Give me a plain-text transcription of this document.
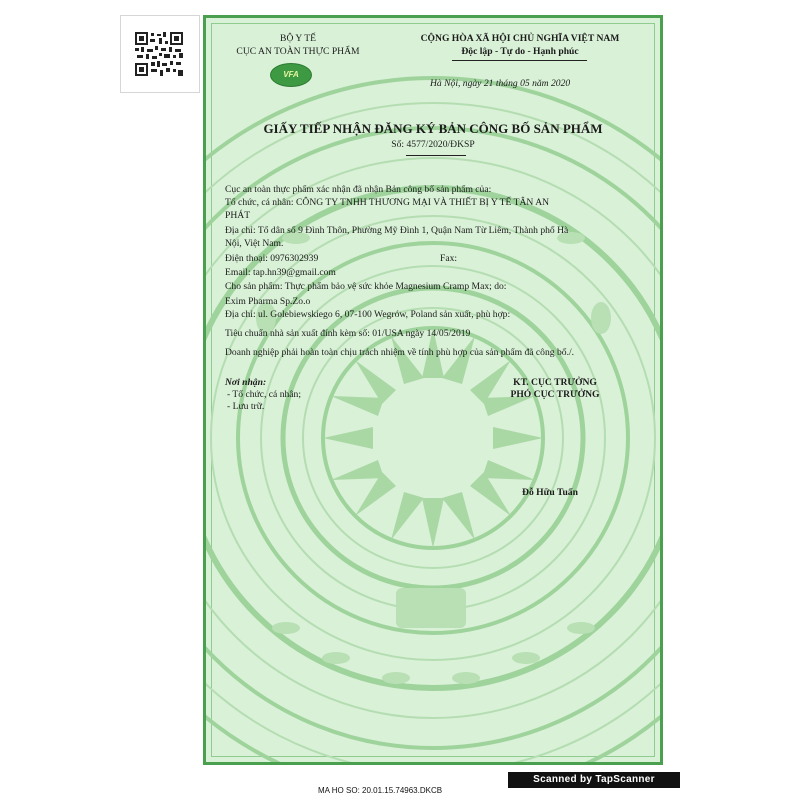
BỘ Y TẾ
CỤC AN TOÀN THỰC PHẨM
VFA
CỘNG HÒA XÃ HỘI CHỦ NGHĨA VIỆT NAM
Độc lập - Tự do - Hạnh phúc
Hà Nội, ngày 21 tháng 05 năm 2020
GIẤY TIẾP NHẬN ĐĂNG KÝ BẢN CÔNG BỐ SẢN PHẨM
Số: 4577/2020/ĐKSP
Cục an toàn thực phẩm xác nhận đã nhận Bản công bố sản phẩm của:
Tổ chức, cá nhân: CÔNG TY TNHH THƯƠNG MẠI VÀ THIẾT BỊ Y TẾ TÂN AN
PHÁT
Địa chỉ: Tổ dân số 9 Đình Thôn, Phường Mỹ Đình 1, Quận Nam Từ Liêm, Thành phố Hà
Nội, Việt Nam.
Điện thoại: 0976302939	Fax:
Email: tap.hn39@gmail.com
Cho sản phẩm: Thực phẩm bảo vệ sức khỏe Magnesium Cramp Max; do:
Exim Pharma Sp.Zo.o
Địa chỉ: ul. Golebiewskiego 6, 07-100 Wegrów, Poland sản xuất, phù hợp:
Tiêu chuẩn nhà sản xuất đính kèm số: 01/USA ngày 14/05/2019
Doanh nghiệp phải hoàn toàn chịu trách nhiệm về tính phù hợp của sản phẩm đã công bố./.
Nơi nhận:
- Tổ chức, cá nhân;
- Lưu trữ.
KT. CỤC TRƯỞNG
PHÓ CỤC TRƯỞNG
Đỗ Hữu Tuấn
MA HO SO: 20.01.15.74963.DKCB
Scanned by TapScanner
